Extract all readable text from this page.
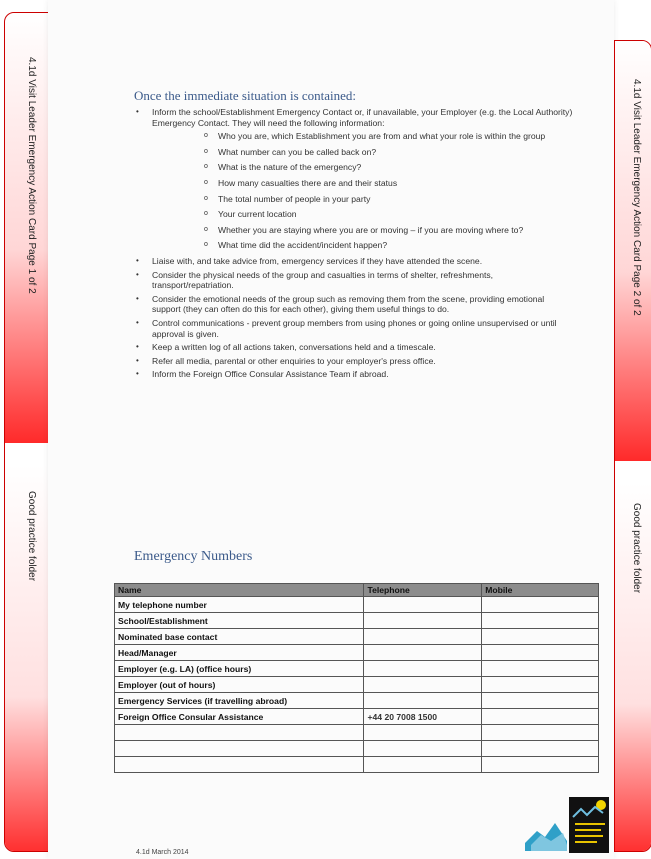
4.1d Visit Leader Emergency Action Card Page 1 of 2
Good practice folder
4.1d Visit Leader Emergency Action Card Page 2 of 2
Good practice folder
Once the immediate situation is contained:
• Inform the school/Establishment Emergency Contact or, if unavailable, your Employer (e.g. the Local Authority) Emergency Contact. They will need the following information:
o Who you are, which Establishment you are from and what your role is within the group
o What number can you be called back on?
o What is the nature of the emergency?
o How many casualties there are and their status
o The total number of people in your party
o Your current location
o Whether you are staying where you are or moving – if you are moving where to?
o What time did the accident/incident happen?
• Liaise with, and take advice from, emergency services if they have attended the scene.
• Consider the physical needs of the group and casualties in terms of shelter, refreshments, transport/repatriation.
• Consider the emotional needs of the group such as removing them from the scene, providing emotional support (they can often do this for each other), giving them useful things to do.
• Control communications - prevent group members from using phones or going online unsupervised or until approval is given.
• Keep a written log of all actions taken, conversations held and a timescale.
• Refer all media, parental or other enquiries to your employer's press office.
• Inform the Foreign Office Consular Assistance Team if abroad.
Emergency Numbers
Name	Telephone	Mobile
My telephone number		
School/Establishment		
Nominated base contact		
Head/Manager		
Employer (e.g. LA) (office hours)		
Employer (out of hours)		
Emergency Services (if travelling abroad)		
Foreign Office Consular Assistance	+44 20 7008 1500	

4.1d March 2014
